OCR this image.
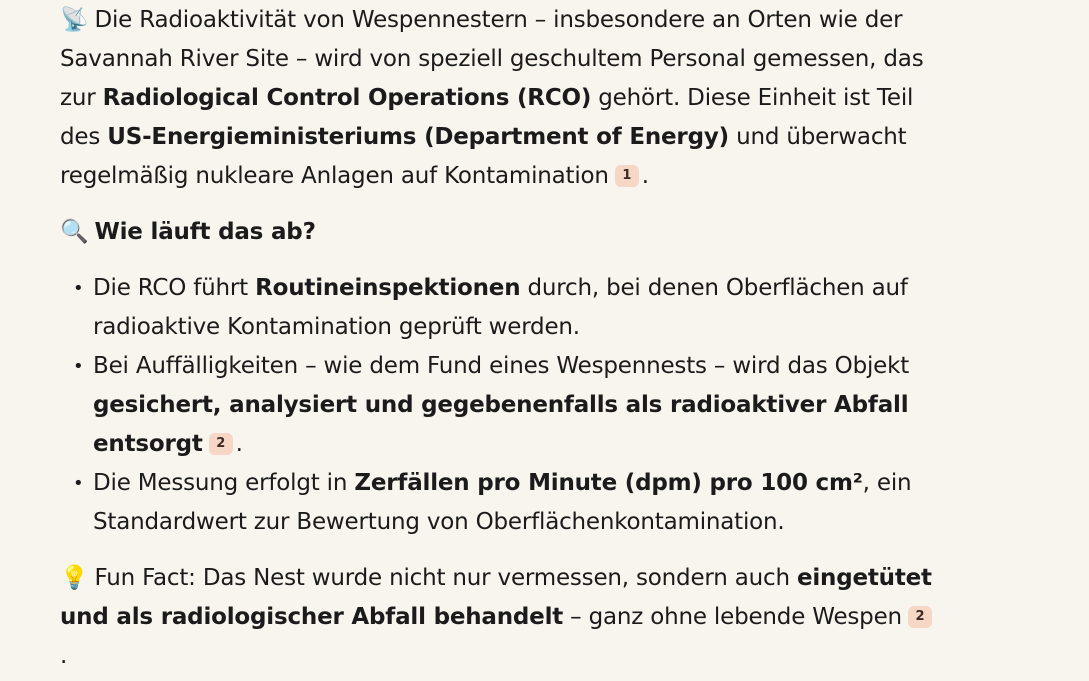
📡 Die Radioaktivität von Wespennestern – insbesondere an Orten wie der Savannah River Site – wird von speziell geschultem Personal gemessen, das zur Radiological Control Operations (RCO) gehört. Diese Einheit ist Teil des US-Energieministeriums (Department of Energy) und überwacht regelmäßig nukleare Anlagen auf Kontamination 1 .

🔍 Wie läuft das ab?

• Die RCO führt Routineinspektionen durch, bei denen Oberflächen auf radioaktive Kontamination geprüft werden.
• Bei Auffälligkeiten – wie dem Fund eines Wespennests – wird das Objekt gesichert, analysiert und gegebenenfalls als radioaktiver Abfall entsorgt 2 .
• Die Messung erfolgt in Zerfällen pro Minute (dpm) pro 100 cm², ein Standardwert zur Bewertung von Oberflächenkontamination.

💡 Fun Fact: Das Nest wurde nicht nur vermessen, sondern auch eingetütet und als radiologischer Abfall behandelt – ganz ohne lebende Wespen 2.
